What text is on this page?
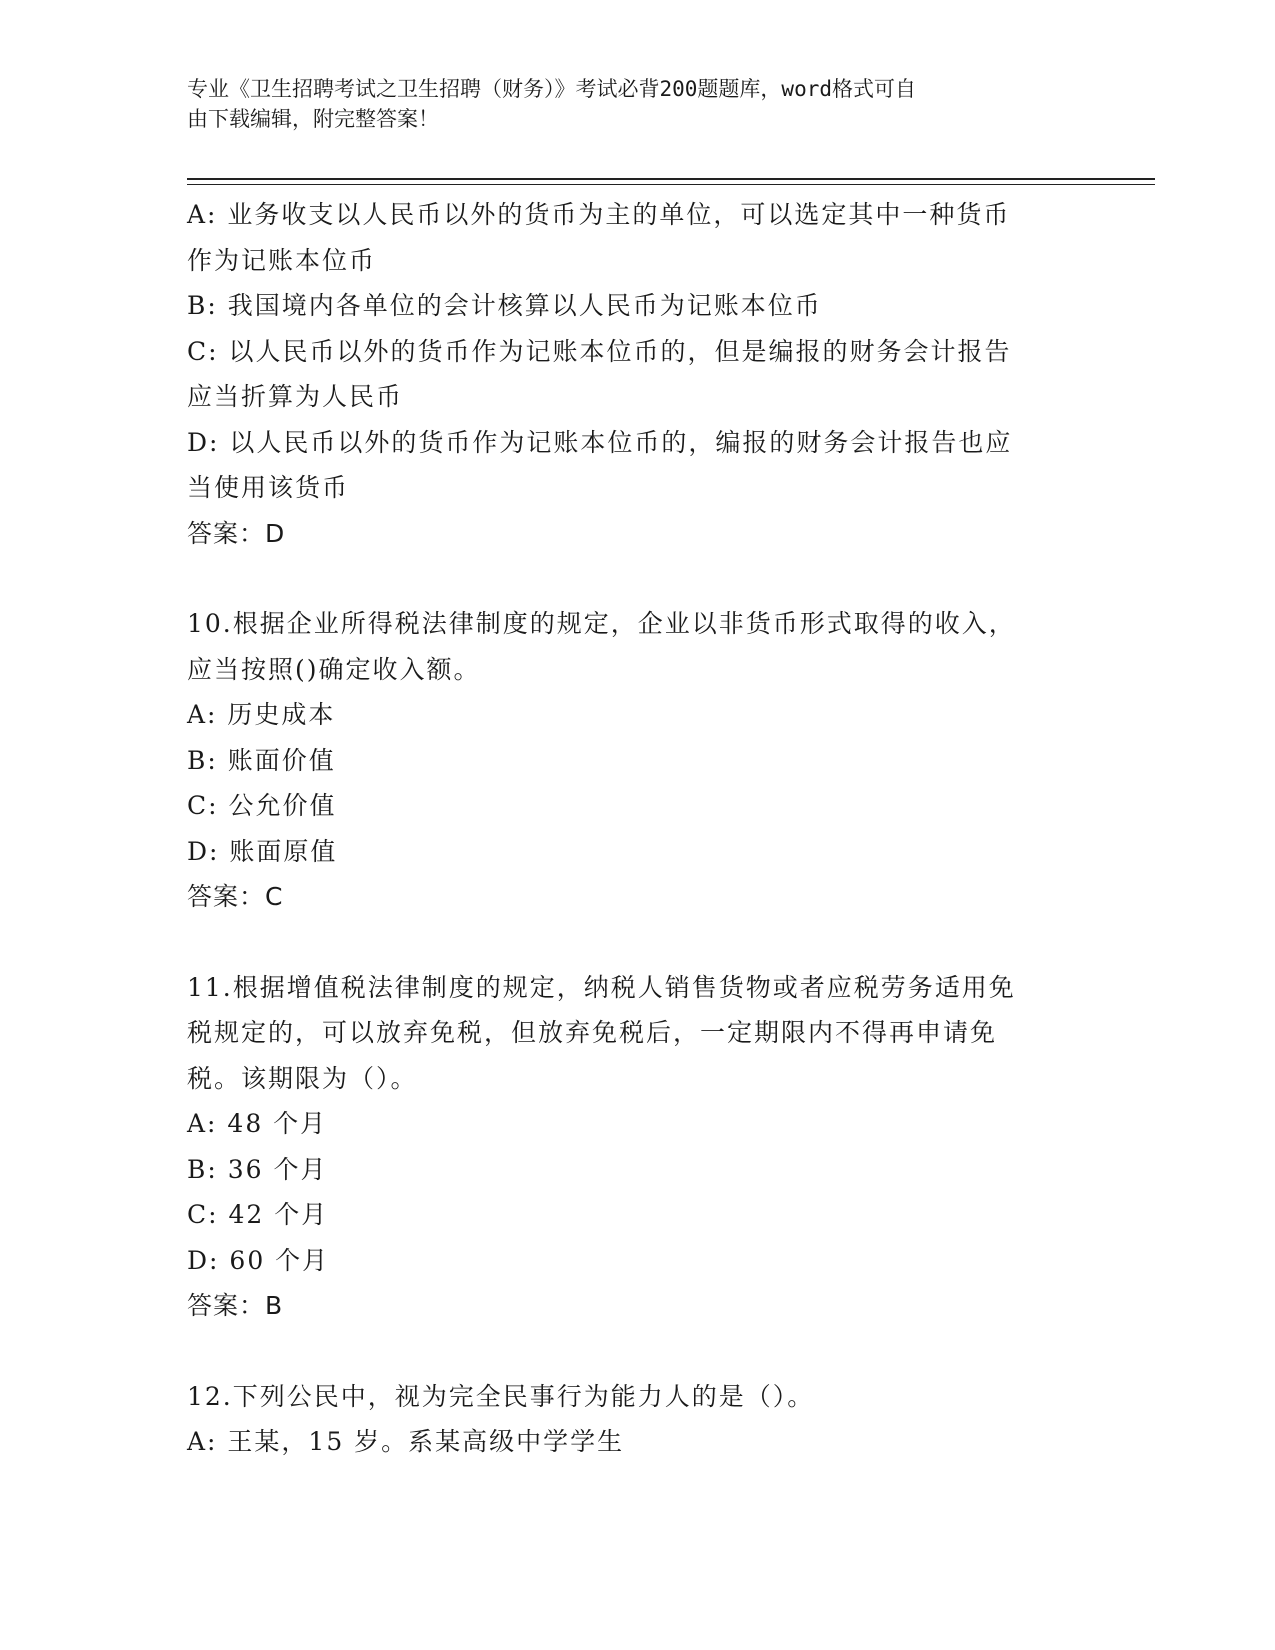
专业《卫生招聘考试之卫生招聘（财务）》考试必背200题题库，word格式可自
由下载编辑，附完整答案！
A: 业务收支以人民币以外的货币为主的单位，可以选定其中一种货币
作为记账本位币
B: 我国境内各单位的会计核算以人民币为记账本位币
C: 以人民币以外的货币作为记账本位币的，但是编报的财务会计报告
应当折算为人民币
D: 以人民币以外的货币作为记账本位币的，编报的财务会计报告也应
当使用该货币
答案：D
10.根据企业所得税法律制度的规定，企业以非货币形式取得的收入，
应当按照()确定收入额。
A: 历史成本
B: 账面价值
C: 公允价值
D: 账面原值
答案：C
11.根据增值税法律制度的规定，纳税人销售货物或者应税劳务适用免
税规定的，可以放弃免税，但放弃免税后，一定期限内不得再申请免
税。该期限为（）。
A: 48 个月
B: 36 个月
C: 42 个月
D: 60 个月
答案：B
12.下列公民中，视为完全民事行为能力人的是（）。
A: 王某，15 岁。系某高级中学学生
